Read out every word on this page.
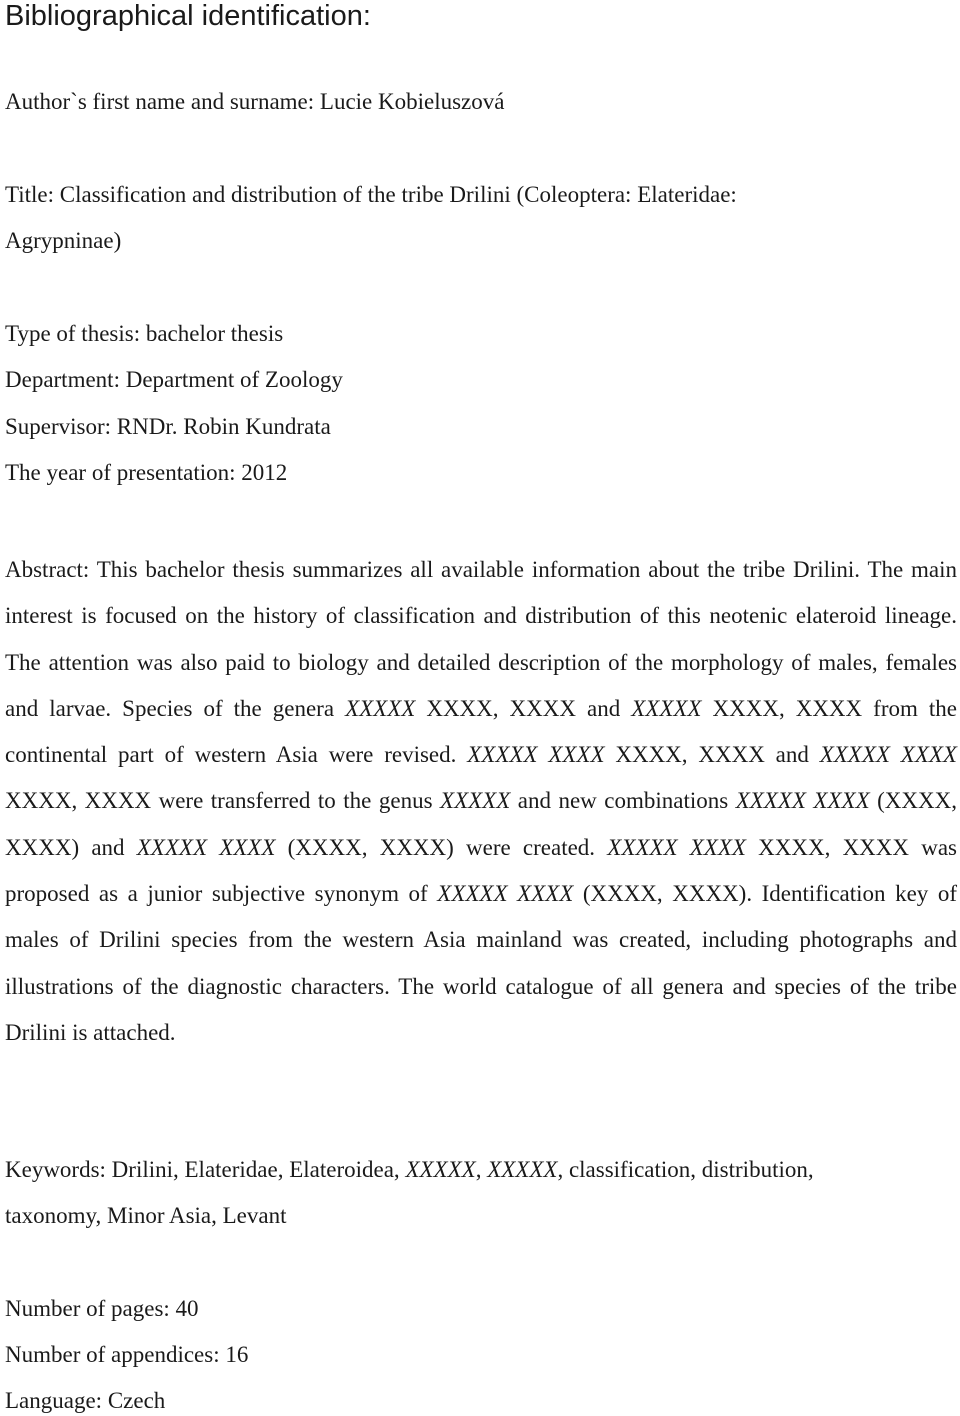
Bibliographical identification:
Author`s first name and surname: Lucie Kobieluszová
Title: Classification and distribution of the tribe Drilini (Coleoptera: Elateridae:
Agrypninae)
Type of thesis: bachelor thesis
Department: Department of Zoology
Supervisor: RNDr. Robin Kundrata
The year of presentation: 2012

Abstract: This bachelor thesis summarizes all available information about the tribe Drilini. The main interest is focused on the history of classification and distribution of this neotenic elateroid lineage. The attention was also paid to biology and detailed description of the morphology of males, females and larvae. Species of the genera XXXXX XXXX, XXXX and XXXXX XXXX, XXXX from the continental part of western Asia were revised. XXXXX XXXX XXXX, XXXX and XXXXX XXXX XXXX, XXXX were transferred to the genus XXXXX and new combinations XXXXX XXXX (XXXX, XXXX) and XXXXX XXXX (XXXX, XXXX) were created. XXXXX XXXX XXXX, XXXX was proposed as a junior subjective synonym of XXXXX XXXX (XXXX, XXXX). Identification key of males of Drilini species from the western Asia mainland was created, including photographs and illustrations of the diagnostic characters. The world catalogue of all genera and species of the tribe Drilini is attached.

Keywords: Drilini, Elateridae, Elateroidea, XXXXX, XXXXX, classification, distribution,
taxonomy, Minor Asia, Levant
Number of pages: 40
Number of appendices: 16
Language: Czech
